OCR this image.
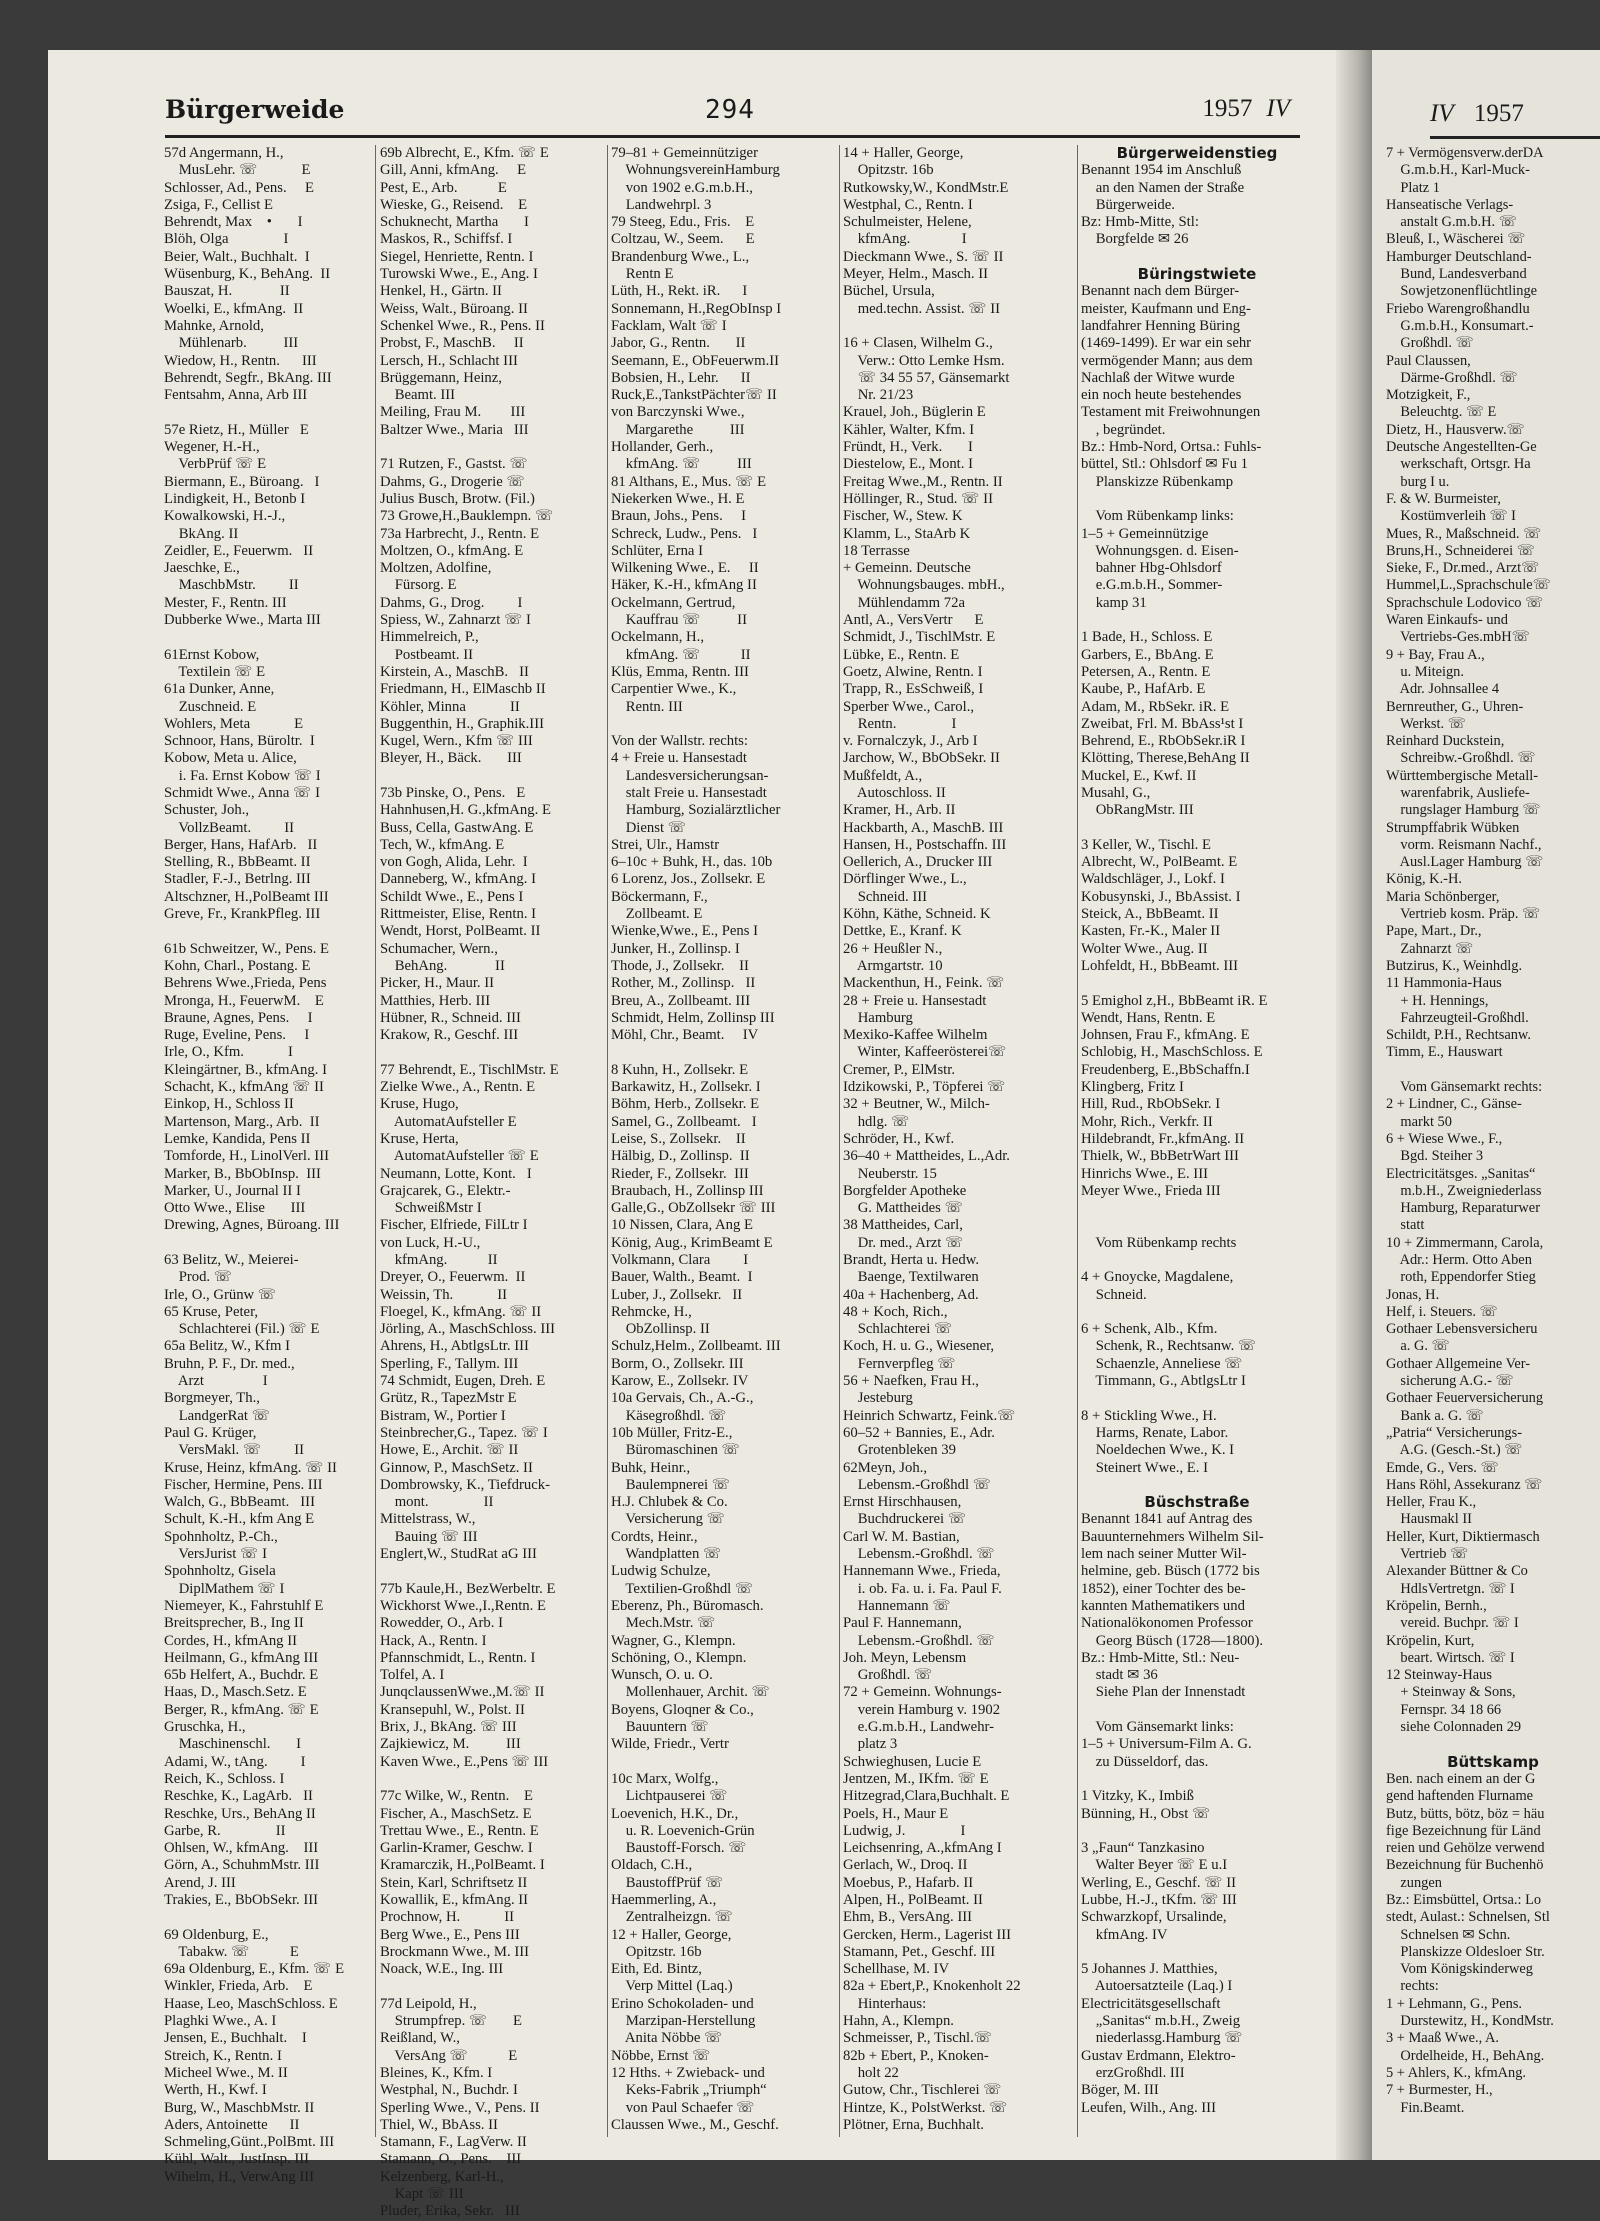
Bürgerweide	294	1957 IV	IV 1957
57d Angermann, H.,
MusLehr. ☏            E
Schlosser, Ad., Pens.     E
Zsiga, F., Cellist E
Behrendt, Max    •       I
Blöh, Olga               I
Beier, Walt., Buchhalt.  I
Wüsenburg, K., BehAng.  II
Bauszat, H.             II
Woelki, E., kfmAng.  II
Mahnke, Arnold,
Mühlenarb.          III
Wiedow, H., Rentn.      III
Behrendt, Segfr., BkAng. III
Fentsahm, Anna, Arb III

57e Rietz, H., Müller   E
Wegener, H.-H.,
VerbPrüf ☏ E
Biermann, E., Büroang.   I
Lindigkeit, H., Betonb I
Kowalkowski, H.-J.,
BkAng. II
Zeidler, E., Feuerwm.   II
Jaeschke, E.,
MaschbMstr.         II
Mester, F., Rentn. III
Dubberke Wwe., Marta III

61Ernst Kobow,
Textilein ☏ E
61a Dunker, Anne,
Zuschneid. E
Wohlers, Meta            E
Schnoor, Hans, Büroltr.  I
Kobow, Meta u. Alice,
i. Fa. Ernst Kobow ☏ I
Schmidt Wwe., Anna ☏ I
Schuster, Joh.,
VollzBeamt.         II
Berger, Hans, HafArb.   II
Stelling, R., BbBeamt. II
Stadler, F.-J., Betrlng. III
Altschzner, H.,PolBeamt III
Greve, Fr., KrankPfleg. III

61b Schweitzer, W., Pens. E
Kohn, Charl., Postang. E
Behrens Wwe.,Frieda, Pens
Mronga, H., FeuerwM.    E
Braune, Agnes, Pens.     I
Ruge, Eveline, Pens.     I
Irle, O., Kfm.            I
Kleingärtner, B., kfmAng. I
Schacht, K., kfmAng ☏ II
Einkop, H., Schloss II
Martenson, Marg., Arb.  II
Lemke, Kandida, Pens II
Tomforde, H., LinolVerl. III
Marker, B., BbObInsp.  III
Marker, U., Journal II I
Otto Wwe., Elise       III
Drewing, Agnes, Büroang. III

63 Belitz, W., Meierei-
Prod. ☏
Irle, O., Grünw ☏
65 Kruse, Peter,
Schlachterei (Fil.) ☏ E
65a Belitz, W., Kfm I
Bruhn, P. F., Dr. med.,
Arzt                I
Borgmeyer, Th.,
LandgerRat ☏
Paul G. Krüger,
VersMakl. ☏         II
Kruse, Heinz, kfmAng. ☏ II
Fischer, Hermine, Pens. III
Walch, G., BbBeamt.   III
Schult, K.-H., kfm Ang E
Spohnholtz, P.-Ch.,
VersJurist ☏ I
Spohnholtz, Gisela
DiplMathem ☏ I
Niemeyer, K., Fahrstuhlf E
Breitsprecher, B., Ing II
Cordes, H., kfmAng II
Heilmann, G., kfmAng III
65b Helfert, A., Buchdr. E
Haas, D., Masch.Setz. E
Berger, R., kfmAng. ☏ E
Gruschka, H.,
Maschinenschl.       I
Adami, W., tAng.         I
Reich, K., Schloss. I
Reschke, K., LagArb.   II
Reschke, Urs., BehAng II
Garbe, R.               II
Ohlsen, W., kfmAng.    III
Görn, A., SchuhmMstr. III
Arend, J. III
Trakies, E., BbObSekr. III

69 Oldenburg, E.,
Tabakw. ☏           E
69a Oldenburg, E., Kfm. ☏ E
Winkler, Frieda, Arb.    E
Haase, Leo, MaschSchloss. E
Plaghki Wwe., A. I
Jensen, E., Buchhalt.    I
Streich, K., Rentn. I
Micheel Wwe., M. II
Werth, H., Kwf. I
Burg, W., MaschbMstr. II
Aders, Antoinette      II
Schmeling,Günt.,PolBmt. III
Kühl, Walt., JustInsp. III
Wihelm, H., VerwAng III
69b Albrecht, E., Kfm. ☏ E
Gill, Anni, kfmAng.     E
Pest, E., Arb.           E
Wieske, G., Reisend.    E
Schuknecht, Martha       I
Maskos, R., Schiffsf. I
Siegel, Henriette, Rentn. I
Turowski Wwe., E., Ang. I
Henkel, H., Gärtn. II
Weiss, Walt., Büroang. II
Schenkel Wwe., R., Pens. II
Probst, F., MaschB.     II
Lersch, H., Schlacht III
Brüggemann, Heinz,
Beamt. III
Meiling, Frau M.        III
Baltzer Wwe., Maria   III

71 Rutzen, F., Gastst. ☏
Dahms, G., Drogerie ☏
Julius Busch, Brotw. (Fil.)
73 Growe,H.,Bauklempn. ☏
73a Harbrecht, J., Rentn. E
Moltzen, O., kfmAng. E
Moltzen, Adolfine,
Fürsorg. E
Dahms, G., Drog.         I
Spiess, W., Zahnarzt ☏ I
Himmelreich, P.,
Postbeamt. II
Kirstein, A., MaschB.   II
Friedmann, H., ElMaschb II
Köhler, Minna            II
Buggenthin, H., Graphik.III
Kugel, Wern., Kfm ☏ III
Bleyer, H., Bäck.       III

73b Pinske, O., Pens.   E
Hahnhusen,H. G.,kfmAng. E
Buss, Cella, GastwAng. E
Tech, W., kfmAng. E
von Gogh, Alida, Lehr.  I
Danneberg, W., kfmAng. I
Schildt Wwe., E., Pens I
Rittmeister, Elise, Rentn. I
Wendt, Horst, PolBeamt. II
Schumacher, Wern.,
BehAng.             II
Picker, H., Maur. II
Matthies, Herb. III
Hübner, R., Schneid. III
Krakow, R., Geschf. III

77 Behrendt, E., TischlMstr. E
Zielke Wwe., A., Rentn. E
Kruse, Hugo,
AutomatAufsteller E
Kruse, Herta,
AutomatAufsteller ☏ E
Neumann, Lotte, Kont.   I
Grajcarek, G., Elektr.-
SchweißMstr I
Fischer, Elfriede, FilLtr I
von Luck, H.-U.,
kfmAng.           II
Dreyer, O., Feuerwm.  II
Weissin, Th.            II
Floegel, K., kfmAng. ☏ II
Jörling, A., MaschSchloss. III
Ahrens, H., AbtlgsLtr. III
Sperling, F., Tallym. III
74 Schmidt, Eugen, Dreh. E
Grütz, R., TapezMstr E
Bistram, W., Portier I
Steinbrecher,G., Tapez. ☏ I
Howe, E., Archit. ☏ II
Ginnow, P., MaschSetz. II
Dombrowsky, K., Tiefdruck-
mont.               II
Mittelstrass, W.,
Bauing ☏ III
Englert,W., StudRat aG III

77b Kaule,H., BezWerbeltr. E
Wickhorst Wwe.,I.,Rentn. E
Rowedder, O., Arb. I
Hack, A., Rentn. I
Pfannschmidt, L., Rentn. I
Tolfel, A. I
JunqclaussenWwe.,M.☏ II
Kransepuhl, W., Polst. II
Brix, J., BkAng. ☏ III
Zajkiewicz, M.          III
Kaven Wwe., E.,Pens ☏ III

77c Wilke, W., Rentn.    E
Fischer, A., MaschSetz. E
Trettau Wwe., E., Rentn. E
Garlin-Kramer, Geschw. I
Kramarczik, H.,PolBeamt. I
Stein, Karl, Schriftsetz II
Kowallik, E., kfmAng. II
Prochnow, H.            II
Berg Wwe., E., Pens III
Brockmann Wwe., M. III
Noack, W.E., Ing. III

77d Leipold, H.,
Strumpfrep. ☏       E
Reißland, W.,
VersAng ☏           E
Bleines, K., Kfm. I
Westphal, N., Buchdr. I
Sperling Wwe., V., Pens. II
Thiel, W., BbAss. II
Stamann, F., LagVerw. II
Stamann, O., Pens.    III
Kelzenberg, Karl-H.,
Kapt ☏ III
Pluder, Erika, Sekr.   III
79–81 + Gemeinnütziger
WohnungsvereinHamburg
von 1902 e.G.m.b.H.,
Landwehrpl. 3
79 Steeg, Edu., Fris.    E
Coltzau, W., Seem.      E
Brandenburg Wwe., L.,
Rentn E
Lüth, H., Rekt. iR.      I
Sonnemann, H.,RegObInsp I
Facklam, Walt ☏ I
Jabor, G., Rentn.       II
Seemann, E., ObFeuerwm.II
Bobsien, H., Lehr.      II
Ruck,E.,TankstPächter☏ II
von Barczynski Wwe.,
Margarethe          III
Hollander, Gerh.,
kfmAng. ☏          III
81 Althans, E., Mus. ☏ E
Niekerken Wwe., H. E
Braun, Johs., Pens.     I
Schreck, Ludw., Pens.   I
Schlüter, Erna I
Wilkening Wwe., E.     II
Häker, K.-H., kfmAng II
Ockelmann, Gertrud,
Kauffrau ☏          II
Ockelmann, H.,
kfmAng. ☏           II
Klüs, Emma, Rentn. III
Carpentier Wwe., K.,
Rentn. III

Von der Wallstr. rechts:
4 + Freie u. Hansestadt
Landesversicherungsan-
stalt Freie u. Hansestadt
Hamburg, Sozialärztlicher
Dienst ☏
Strei, Ulr., Hamstr
6–10c + Buhk, H., das. 10b
6 Lorenz, Jos., Zollsekr. E
Böckermann, F.,
Zollbeamt. E
Wienke,Wwe., E., Pens I
Junker, H., Zollinsp. I
Thode, J., Zollsekr.    II
Rother, M., Zollinsp.   II
Breu, A., Zollbeamt. III
Schmidt, Helm, Zollinsp III
Möhl, Chr., Beamt.     IV

8 Kuhn, H., Zollsekr. E
Barkawitz, H., Zollsekr. I
Böhm, Herb., Zollsekr. E
Samel, G., Zollbeamt.   I
Leise, S., Zollsekr.    II
Hälbig, D., Zollinsp.  II
Rieder, F., Zollsekr.  III
Braubach, H., Zollinsp III
Galle,G., ObZollsekr ☏ III
10 Nissen, Clara, Ang E
König, Aug., KrimBeamt E
Volkmann, Clara         I
Bauer, Walth., Beamt.  I
Luber, J., Zollsekr.   II
Rehmcke, H.,
ObZollinsp. II
Schulz,Helm., Zollbeamt. III
Borm, O., Zollsekr. III
Karow, E., Zollsekr. IV
10a Gervais, Ch., A.-G.,
Käsegroßhdl. ☏
10b Müller, Fritz-E.,
Büromaschinen ☏
Buhk, Heinr.,
Baulempnerei ☏
H.J. Chlubek & Co.
Versicherung ☏
Cordts, Heinr.,
Wandplatten ☏
Ludwig Schulze,
Textilien-Großhdl ☏
Eberenz, Ph., Büromasch.
Mech.Mstr. ☏
Wagner, G., Klempn.
Schöning, O., Klempn.
Wunsch, O. u. O.
Mollenhauer, Archit. ☏
Boyens, Gloqner & Co.,
Bauuntern ☏
Wilde, Friedr., Vertr

10c Marx, Wolfg.,
Lichtpauserei ☏
Loevenich, H.K., Dr.,
u. R. Loevenich-Grün
Baustoff-Forsch. ☏
Oldach, C.H.,
BaustoffPrüf ☏
Haemmerling, A.,
Zentralheizgn. ☏
12 + Haller, George,
Opitzstr. 16b
Eith, Ed. Bintz,
Verp Mittel (Laq.)
Erino Schokoladen- und
Marzipan-Herstellung
Anita Nöbbe ☏
Nöbbe, Ernst ☏
12 Hths. + Zwieback- und
Keks-Fabrik „Triumph“
von Paul Schaefer ☏
Claussen Wwe., M., Geschf.
14 + Haller, George,
Opitzstr. 16b
Rutkowsky,W., KondMstr.E
Westphal, C., Rentn. I
Schulmeister, Helene,
kfmAng.              I
Dieckmann Wwe., S. ☏ II
Meyer, Helm., Masch. II
Büchel, Ursula,
med.techn. Assist. ☏ II

16 + Clasen, Wilhelm G.,
Verw.: Otto Lemke Hsm.
☏ 34 55 57, Gänsemarkt
Nr. 21/23
Krauel, Joh., Büglerin E
Kähler, Walter, Kfm. I
Fründt, H., Verk.       I
Diestelow, E., Mont. I
Freitag Wwe.,M., Rentn. II
Höllinger, R., Stud. ☏ II
Fischer, W., Stew. K
Klamm, L., StaArb K
18 Terrasse
+ Gemeinn. Deutsche
Wohnungsbauges. mbH.,
Mühlendamm 72a
Antl, A., VersVertr      E
Schmidt, J., TischlMstr. E
Lübke, E., Rentn. E
Goetz, Alwine, Rentn. I
Trapp, R., EsSchweiß, I
Sperber Wwe., Carol.,
Rentn.               I
v. Fornalczyk, J., Arb I
Jarchow, W., BbObSekr. II
Mußfeldt, A.,
Autoschloss. II
Kramer, H., Arb. II
Hackbarth, A., MaschB. III
Hansen, H., Postschaffn. III
Oellerich, A., Drucker III
Dörflinger Wwe., L.,
Schneid. III
Köhn, Käthe, Schneid. K
Dettke, E., Kranf. K
26 + Heußler N.,
Armgartstr. 10
Mackenthun, H., Feink. ☏
28 + Freie u. Hansestadt
Hamburg
Mexiko-Kaffee Wilhelm
Winter, Kaffeerösterei☏
Cremer, P., ElMstr.
Idzikowski, P., Töpferei ☏
32 + Beutner, W., Milch-
hdlg. ☏
Schröder, H., Kwf.
36–40 + Mattheides, L.,Adr.
Neuberstr. 15
Borgfelder Apotheke
G. Mattheides ☏
38 Mattheides, Carl,
Dr. med., Arzt ☏
Brandt, Herta u. Hedw.
Baenge, Textilwaren
40a + Hachenberg, Ad.
48 + Koch, Rich.,
Schlachterei ☏
Koch, H. u. G., Wiesener,
Fernverpfleg ☏
56 + Naefken, Frau H.,
Jesteburg
Heinrich Schwartz, Feink.☏
60–52 + Bannies, E., Adr.
Grotenbleken 39
62Meyn, Joh.,
Lebensm.-Großhdl ☏
Ernst Hirschhausen,
Buchdruckerei ☏
Carl W. M. Bastian,
Lebensm.-Großhdl. ☏
Hannemann Wwe., Frieda,
i. ob. Fa. u. i. Fa. Paul F.
Hannemann ☏
Paul F. Hannemann,
Lebensm.-Großhdl. ☏
Joh. Meyn, Lebensm
Großhdl. ☏
72 + Gemeinn. Wohnungs-
verein Hamburg v. 1902
e.G.m.b.H., Landwehr-
platz 3
Schwieghusen, Lucie E
Jentzen, M., IKfm. ☏ E
Hitzegrad,Clara,Buchhalt. E
Poels, H., Maur E
Ludwig, J.               I
Leichsenring, A.,kfmAng I
Gerlach, W., Droq. II
Moebus, P., Hafarb. II
Alpen, H., PolBeamt. II
Ehm, B., VersAng. III
Gercken, Herm., Lagerist III
Stamann, Pet., Geschf. III
Schellhase, M. IV
82a + Ebert,P., Knokenholt 22
Hinterhaus:
Hahn, A., Klempn.
Schmeisser, P., Tischl.☏
82b + Ebert, P., Knoken-
holt 22
Gutow, Chr., Tischlerei ☏
Hintze, K., PolstWerkst. ☏
Plötner, Erna, Buchhalt.
Bürgerweidenstieg
Benannt 1954 im Anschluß
an den Namen der Straße
Bürgerweide.
Bz: Hmb-Mitte, Stl:
Borgfelde ✉ 26

Büringstwiete
Benannt nach dem Bürger-
meister, Kaufmann und Eng-
landfahrer Henning Büring
(1469-1499). Er war ein sehr
vermögender Mann; aus dem
Nachlaß der Witwe wurde
ein noch heute bestehendes
Testament mit Freiwohnungen
, begründet.
Bz.: Hmb-Nord, Ortsa.: Fuhls-
büttel, Stl.: Ohlsdorf ✉ Fu 1
Planskizze Rübenkamp

Vom Rübenkamp links:
1–5 + Gemeinnützige
Wohnungsgen. d. Eisen-
bahner Hbg-Ohlsdorf
e.G.m.b.H., Sommer-
kamp 31

1 Bade, H., Schloss. E
Garbers, E., BbAng. E
Petersen, A., Rentn. E
Kaube, P., HafArb. E
Adam, M., RbSekr. iR. E
Zweibat, Frl. M. BbAss¹st I
Behrend, E., RbObSekr.iR I
Klötting, Therese,BehAng II
Muckel, E., Kwf. II
Musahl, G.,
ObRangMstr. III

3 Keller, W., Tischl. E
Albrecht, W., PolBeamt. E
Waldschläger, J., Lokf. I
Kobusynski, J., BbAssist. I
Steick, A., BbBeamt. II
Kasten, Fr.-K., Maler II
Wolter Wwe., Aug. II
Lohfeldt, H., BbBeamt. III

5 Emighol z,H., BbBeamt iR. E
Wendt, Hans, Rentn. E
Johnsen, Frau F., kfmAng. E
Schlobig, H., MaschSchloss. E
Freudenberg, E.,BbSchaffn.I
Klingberg, Fritz I
Hill, Rud., RbObSekr. I
Mohr, Rich., Verkfr. II
Hildebrandt, Fr.,kfmAng. II
Thielk, W., BbBetrWart III
Hinrichs Wwe., E. III
Meyer Wwe., Frieda III

Vom Rübenkamp rechts

4 + Gnoycke, Magdalene,
Schneid.

6 + Schenk, Alb., Kfm.
Schenk, R., Rechtsanw. ☏
Schaenzle, Anneliese ☏
Timmann, G., AbtlgsLtr I

8 + Stickling Wwe., H.
Harms, Renate, Labor.
Noeldechen Wwe., K. I
Steinert Wwe., E. I

Büschstraße
Benannt 1841 auf Antrag des
Bauunternehmers Wilhelm Sil-
lem nach seiner Mutter Wil-
helmine, geb. Büsch (1772 bis
1852), einer Tochter des be-
kannten Mathematikers und
Nationalökonomen Professor
Georg Büsch (1728—1800).
Bz.: Hmb-Mitte, Stl.: Neu-
stadt ✉ 36
Siehe Plan der Innenstadt

Vom Gänsemarkt links:
1–5 + Universum-Film A. G.
zu Düsseldorf, das.

1 Vitzky, K., Imbiß
Bünning, H., Obst ☏

3 „Faun“ Tanzkasino
Walter Beyer ☏ E u.I
Werling, E., Geschf. ☏ II
Lubbe, H.-J., tKfm. ☏ III
Schwarzkopf, Ursalinde,
kfmAng. IV

5 Johannes J. Matthies,
Autoersatzteile (Laq.) I
Electricitätsgesellschaft
„Sanitas“ m.b.H., Zweig
niederlassg.Hamburg ☏
Gustav Erdmann, Elektro-
erzGroßhdl. III
Böger, M. III
Leufen, Wilh., Ang. III
7 + Vermögensverw.derDA
G.m.b.H., Karl-Muck-
Platz 1
Hanseatische Verlags-
anstalt G.m.b.H. ☏
Bleuß, I., Wäscherei ☏
Hamburger Deutschland-
Bund, Landesverband
Sowjetzonenflüchtlinge
Friebo Warengroßhandlu
G.m.b.H., Konsumart.-
Großhdl. ☏
Paul Claussen,
Därme-Großhdl. ☏
Motzigkeit, F.,
Beleuchtg. ☏ E
Dietz, H., Hausverw.☏
Deutsche Angestellten-Ge
werkschaft, Ortsgr. Ha
burg I u.
F. & W. Burmeister,
Kostümverleih ☏ I
Mues, R., Maßschneid. ☏
Bruns,H., Schneiderei ☏
Sieke, F., Dr.med., Arzt☏
Hummel,L.,Sprachschule☏
Sprachschule Lodovico ☏
Waren Einkaufs- und
Vertriebs-Ges.mbH☏
9 + Bay, Frau A.,
u. Miteign.
Adr. Johnsallee 4
Bernreuther, G., Uhren-
Werkst. ☏
Reinhard Duckstein,
Schreibw.-Großhdl. ☏
Württembergische Metall-
warenfabrik, Ausliefe-
rungslager Hamburg ☏
Strumpffabrik Wübken
vorm. Reismann Nachf.,
Ausl.Lager Hamburg ☏
König, K.-H.
Maria Schönberger,
Vertrieb kosm. Präp. ☏
Pape, Mart., Dr.,
Zahnarzt ☏
Butzirus, K., Weinhdlg.
11 Hammonia-Haus
+ H. Hennings,
Fahrzeugteil-Großhdl.
Schildt, P.H., Rechtsanw.
Timm, E., Hauswart

Vom Gänsemarkt rechts:
2 + Lindner, C., Gänse-
markt 50
6 + Wiese Wwe., F.,
Bgd. Steiher 3
Electricitätsges. „Sanitas“
m.b.H., Zweigniederlass
Hamburg, Reparaturwer
statt
10 + Zimmermann, Carola,
Adr.: Herm. Otto Aben
roth, Eppendorfer Stieg
Jonas, H.
Helf, i. Steuers. ☏
Gothaer Lebensversicheru
a. G. ☏
Gothaer Allgemeine Ver-
sicherung A.G.- ☏
Gothaer Feuerversicherung
Bank a. G. ☏
„Patria“ Versicherungs-
A.G. (Gesch.-St.) ☏
Emde, G., Vers. ☏
Hans Röhl, Assekuranz ☏
Heller, Frau K.,
Hausmakl II
Heller, Kurt, Diktiermasch
Vertrieb ☏
Alexander Büttner & Co
HdlsVertretgn. ☏ I
Kröpelin, Bernh.,
vereid. Buchpr. ☏ I
Kröpelin, Kurt,
beart. Wirtsch. ☏ I
12 Steinway-Haus
+ Steinway & Sons,
Fernspr. 34 18 66
siehe Colonnaden 29

Büttskamp
Ben. nach einem an der G
gend haftenden Flurname
Butz, bütts, bötz, böz = häu
fige Bezeichnung für Länd
reien und Gehölze verwend
Bezeichnung für Buchenhö
zungen
Bz.: Eimsbüttel, Ortsa.: Lo
stedt, Aulast.: Schnelsen, Stl
Schnelsen ✉ Schn.
Planskizze Oldesloer Str.
Vom Königskinderweg
rechts:
1 + Lehmann, G., Pens.
Durstewitz, H., KondMstr.
3 + Maaß Wwe., A.
Ordelheide, H., BehAng.
5 + Ahlers, K., kfmAng.
7 + Burmester, H.,
Fin.Beamt.
